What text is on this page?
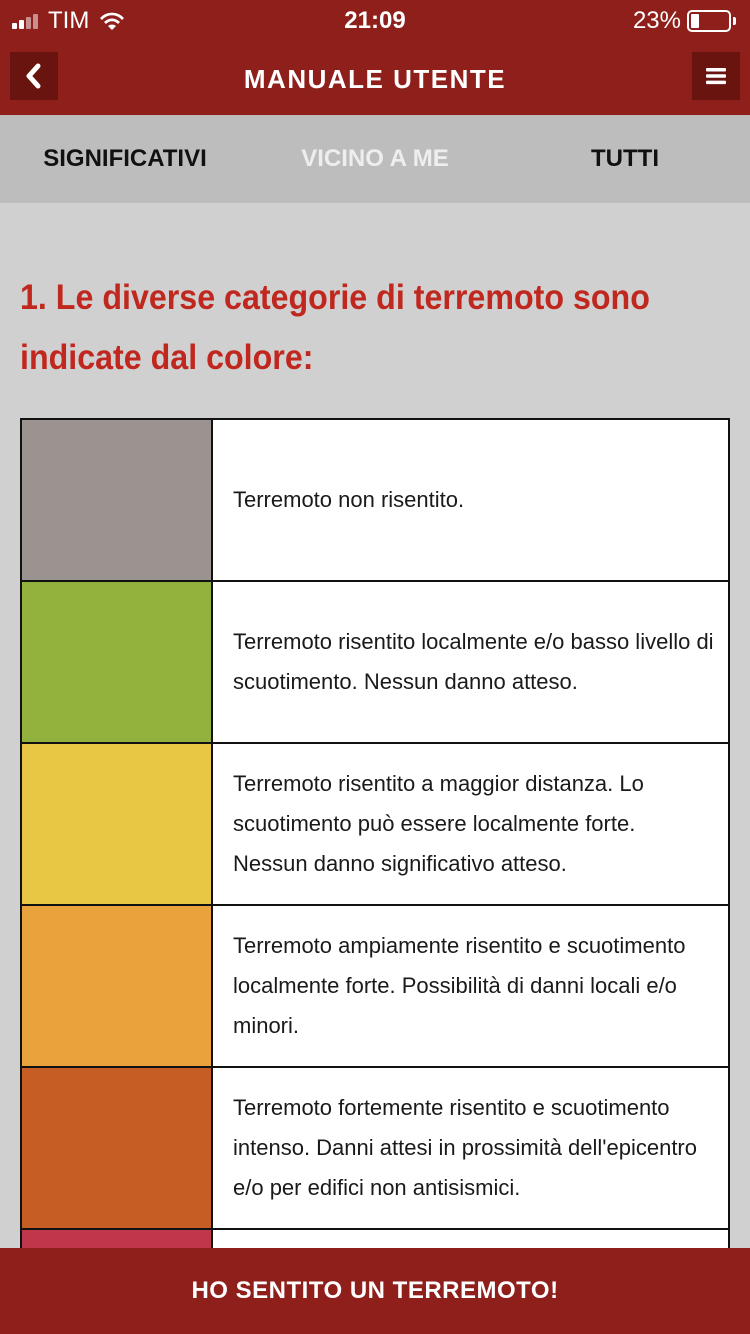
TIM	21:09	23%
MANUALE UTENTE
SIGNIFICATIVI	VICINO A ME	TUTTI
1. Le diverse categorie di terremoto sono indicate dal colore:
Terremoto non risentito.
Terremoto risentito localmente e/o basso livello di scuotimento. Nessun danno atteso.
Terremoto risentito a maggior distanza. Lo scuotimento può essere localmente forte. Nessun danno significativo atteso.
Terremoto ampiamente risentito e scuotimento localmente forte. Possibilità di danni locali e/o minori.
Terremoto fortemente risentito e scuotimento intenso. Danni attesi in prossimità dell'epicentro e/o per edifici non antisismici.
HO SENTITO UN TERREMOTO!
